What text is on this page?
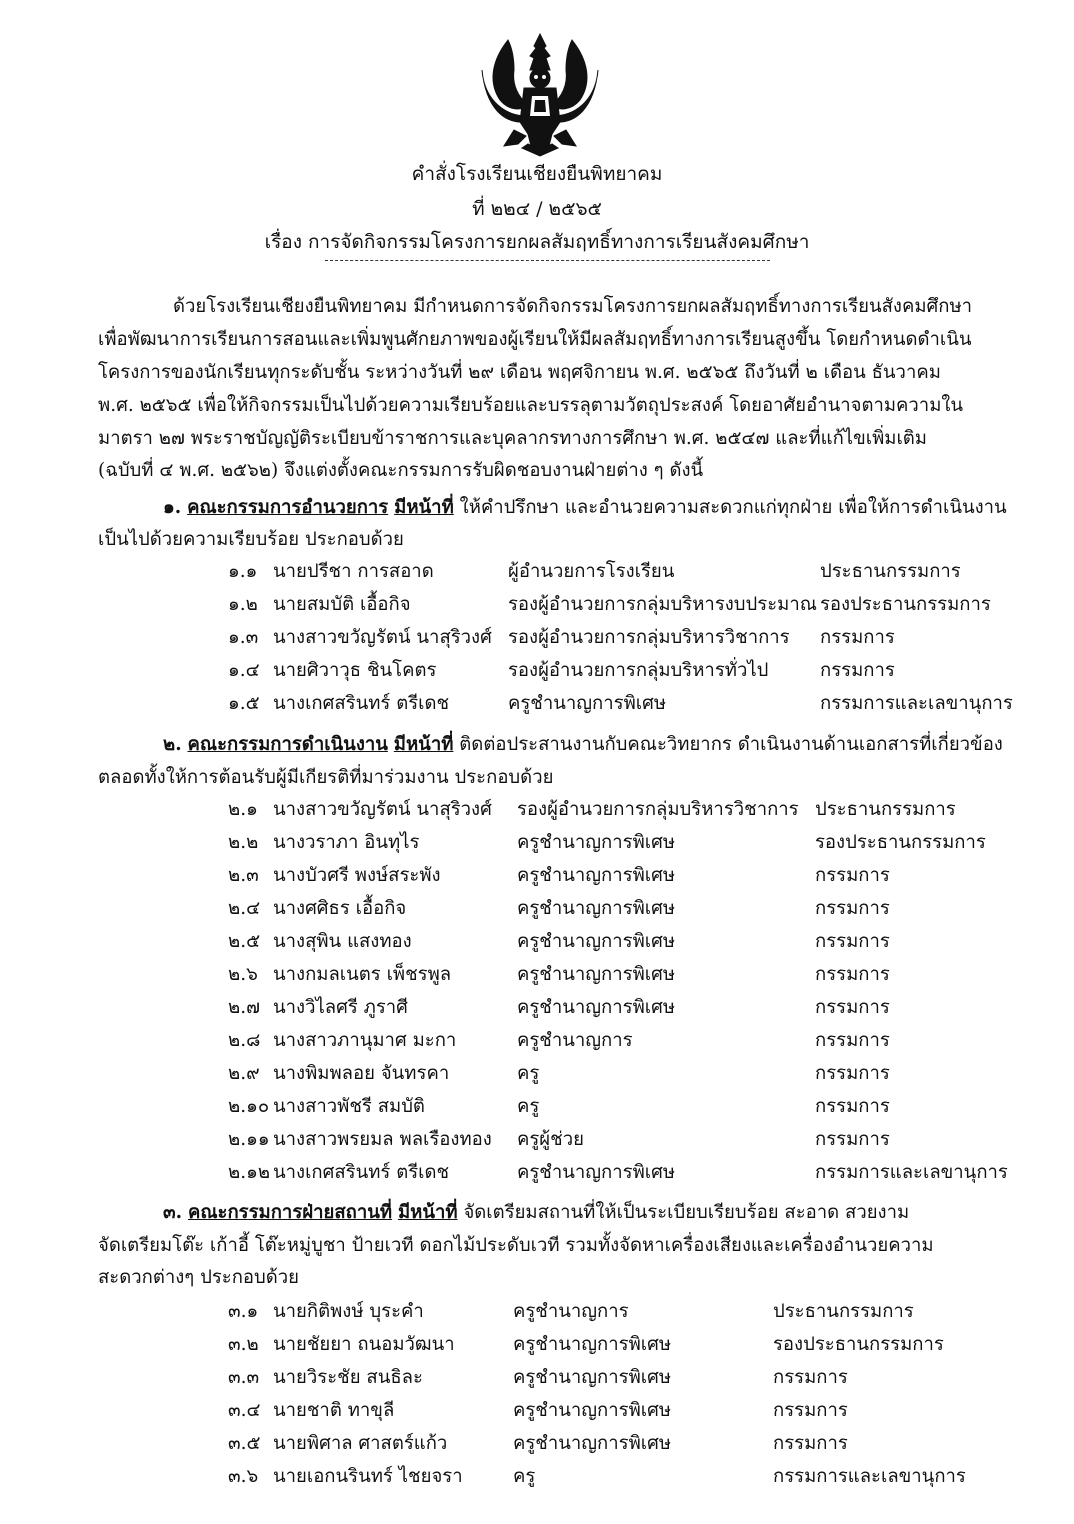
คำสั่งโรงเรียนเชียงยืนพิทยาคม
ที่ ๒๒๔ / ๒๕๖๕
เรื่อง การจัดกิจกรรมโครงการยกผลสัมฤทธิ์ทางการเรียนสังคมศึกษา
ด้วยโรงเรียนเชียงยืนพิทยาคม มีกำหนดการจัดกิจกรรมโครงการยกผลสัมฤทธิ์ทางการเรียนสังคมศึกษา
เพื่อพัฒนาการเรียนการสอนและเพิ่มพูนศักยภาพของผู้เรียนให้มีผลสัมฤทธิ์ทางการเรียนสูงขึ้น โดยกำหนดดำเนิน
โครงการของนักเรียนทุกระดับชั้น ระหว่างวันที่ ๒๙ เดือน พฤศจิกายน พ.ศ. ๒๕๖๕ ถึงวันที่ ๒ เดือน ธันวาคม
พ.ศ. ๒๕๖๕ เพื่อให้กิจกรรมเป็นไปด้วยความเรียบร้อยและบรรลุตามวัตถุประสงค์ โดยอาศัยอำนาจตามความใน
มาตรา ๒๗ พระราชบัญญัติระเบียบข้าราชการและบุคลากรทางการศึกษา พ.ศ. ๒๕๔๗ และที่แก้ไขเพิ่มเติม
(ฉบับที่ ๔ พ.ศ. ๒๕๖๒) จึงแต่งตั้งคณะกรรมการรับผิดชอบงานฝ่ายต่าง ๆ ดังนี้
๑. คณะกรรมการอำนวยการ มีหน้าที่ ให้คำปรึกษา และอำนวยความสะดวกแก่ทุกฝ่าย เพื่อให้การดำเนินงาน
เป็นไปด้วยความเรียบร้อย ประกอบด้วย
๑.๑ นายปรีชา การสอาด	ผู้อำนวยการโรงเรียน	ประธานกรรมการ
๑.๒ นายสมบัติ เอื้อกิจ	รองผู้อำนวยการกลุ่มบริหารงบประมาณ รองประธานกรรมการ
๑.๓ นางสาวขวัญรัตน์ นาสุริวงศ์ รองผู้อำนวยการกลุ่มบริหารวิชาการ กรรมการ
๑.๔ นายศิวาวุธ ชินโคตร	รองผู้อำนวยการกลุ่มบริหารทั่วไป	กรรมการ
๑.๕ นางเกศสรินทร์ ตรีเดช	ครูชำนาญการพิเศษ	กรรมการและเลขานุการ
๒. คณะกรรมการดำเนินงาน มีหน้าที่ ติดต่อประสานงานกับคณะวิทยากร ดำเนินงานด้านเอกสารที่เกี่ยวข้อง
ตลอดทั้งให้การต้อนรับผู้มีเกียรติที่มาร่วมงาน ประกอบด้วย
๒.๑ นางสาวขวัญรัตน์ นาสุริวงศ์ รองผู้อำนวยการกลุ่มบริหารวิชาการ ประธานกรรมการ
๒.๒ นางวราภา อินทุไร	ครูชำนาญการพิเศษ	รองประธานกรรมการ
๒.๓ นางบัวศรี พงษ์สระพัง	ครูชำนาญการพิเศษ	กรรมการ
๒.๔ นางศศิธร เอื้อกิจ	ครูชำนาญการพิเศษ	กรรมการ
๒.๕ นางสุพิน แสงทอง	ครูชำนาญการพิเศษ	กรรมการ
๒.๖ นางกมลเนตร เพ็ชรพูล	ครูชำนาญการพิเศษ	กรรมการ
๒.๗ นางวิไลศรี ภูราศี	ครูชำนาญการพิเศษ	กรรมการ
๒.๘ นางสาวภานุมาศ มะกา	ครูชำนาญการ	กรรมการ
๒.๙ นางพิมพลอย จันทรคา	ครู	กรรมการ
๒.๑๐ นางสาวพัชรี สมบัติ	ครู	กรรมการ
๒.๑๑ นางสาวพรยมล พลเรืองทอง ครูผู้ช่วย	กรรมการ
๒.๑๒ นางเกศสรินทร์ ตรีเดช	ครูชำนาญการพิเศษ	กรรมการและเลขานุการ
๓. คณะกรรมการฝ่ายสถานที่ มีหน้าที่ จัดเตรียมสถานที่ให้เป็นระเบียบเรียบร้อย สะอาด สวยงาม
จัดเตรียมโต๊ะ เก้าอี้ โต๊ะหมู่บูชา ป้ายเวที ดอกไม้ประดับเวที รวมทั้งจัดหาเครื่องเสียงและเครื่องอำนวยความ
สะดวกต่างๆ ประกอบด้วย
๓.๑ นายกิติพงษ์ บุระคำ	ครูชำนาญการ	ประธานกรรมการ
๓.๒ นายชัยยา ถนอมวัฒนา	ครูชำนาญการพิเศษ	รองประธานกรรมการ
๓.๓ นายวิระชัย สนธิละ	ครูชำนาญการพิเศษ	กรรมการ
๓.๔ นายชาติ ทาขุลี	ครูชำนาญการพิเศษ	กรรมการ
๓.๕ นายพิศาล ศาสตร์แก้ว	ครูชำนาญการพิเศษ	กรรมการ
๓.๖ นายเอกนรินทร์ ไชยจรา	ครู	กรรมการและเลขานุการ
